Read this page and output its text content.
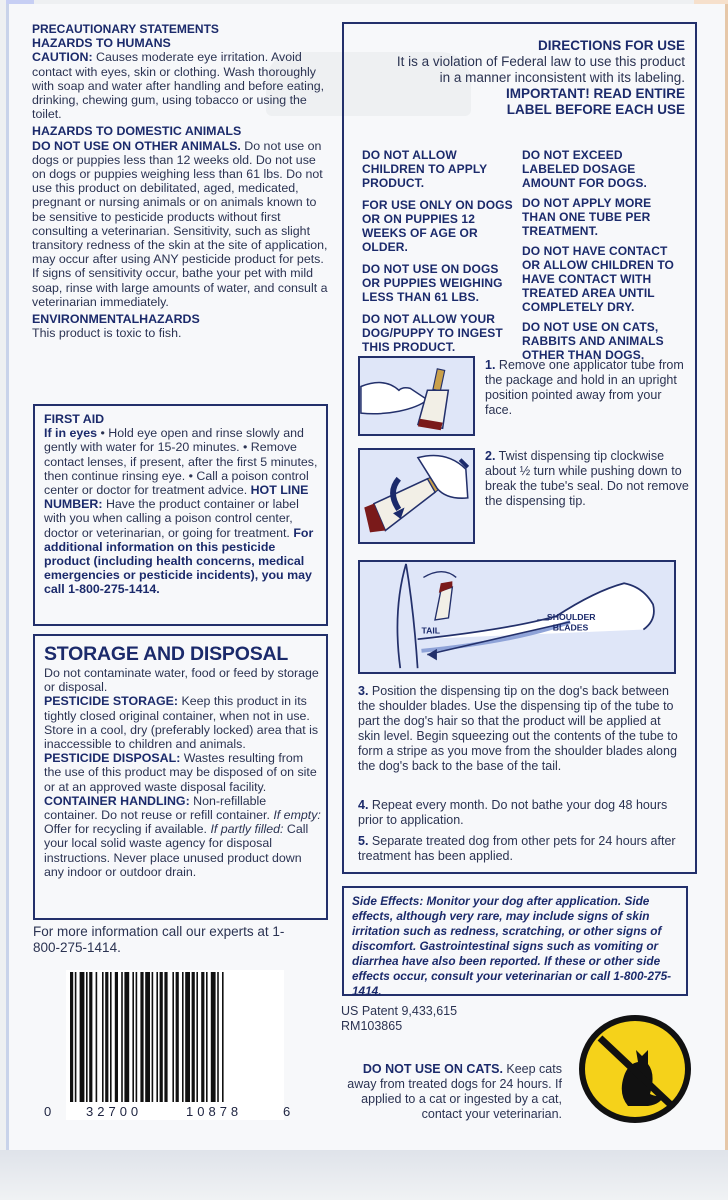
PRECAUTIONARY STATEMENTS
HAZARDS TO HUMANS
CAUTION: Causes moderate eye irritation. Avoid contact with eyes, skin or clothing. Wash thoroughly with soap and water after handling and before eating, drinking, chewing gum, using tobacco or using the toilet.
HAZARDS TO DOMESTIC ANIMALS
DO NOT USE ON OTHER ANIMALS. Do not use on dogs or puppies less than 12 weeks old. Do not use on dogs or puppies weighing less than 61 lbs. Do not use this product on debilitated, aged, medicated, pregnant or nursing animals or on animals known to be sensitive to pesticide products without first consulting a veterinarian. Sensitivity, such as slight transitory redness of the skin at the site of application, may occur after using ANY pesticide product for pets. If signs of sensitivity occur, bathe your pet with mild soap, rinse with large amounts of water, and consult a veterinarian immediately.
ENVIRONMENTALHAZARDS
This product is toxic to fish.
FIRST AID
If in eyes • Hold eye open and rinse slowly and gently with water for 15-20 minutes. • Remove contact lenses, if present, after the first 5 minutes, then continue rinsing eye. • Call a poison control center or doctor for treatment advice. HOT LINE NUMBER: Have the product container or label with you when calling a poison control center, doctor or veterinarian, or going for treatment. For additional information on this pesticide product (including health concerns, medical emergencies or pesticide incidents), you may call 1-800-275-1414.
STORAGE AND DISPOSAL
Do not contaminate water, food or feed by storage or disposal.
PESTICIDE STORAGE: Keep this product in its tightly closed original container, when not in use. Store in a cool, dry (preferably locked) area that is inaccessible to children and animals.
PESTICIDE DISPOSAL: Wastes resulting from the use of this product may be disposed of on site or at an approved waste disposal facility.
CONTAINER HANDLING: Non-refillable container. Do not reuse or refill container. If empty: Offer for recycling if available. If partly filled: Call your local solid waste agency for disposal instructions. Never place unused product down any indoor or outdoor drain.
For more information call our experts at 1-800-275-1414.
0	32700	10878	6
DIRECTIONS FOR USE
It is a violation of Federal law to use this product in a manner inconsistent with its labeling.
IMPORTANT! READ ENTIRE LABEL BEFORE EACH USE
DO NOT ALLOW CHILDREN TO APPLY PRODUCT.
FOR USE ONLY ON DOGS OR ON PUPPIES 12 WEEKS OF AGE OR OLDER.
DO NOT USE ON DOGS OR PUPPIES WEIGHING LESS THAN 61 LBS.
DO NOT ALLOW YOUR DOG/PUPPY TO INGEST THIS PRODUCT.
DO NOT EXCEED LABELED DOSAGE AMOUNT FOR DOGS.
DO NOT APPLY MORE THAN ONE TUBE PER TREATMENT.
DO NOT HAVE CONTACT OR ALLOW CHILDREN TO HAVE CONTACT WITH TREATED AREA UNTIL COMPLETELY DRY.
DO NOT USE ON CATS, RABBITS AND ANIMALS OTHER THAN DOGS.
1. Remove one applicator tube from the package and hold in an upright position pointed away from your face.
2. Twist dispensing tip clockwise about ½ turn while pushing down to break the tube's seal. Do not remove the dispensing tip.
TAIL
SHOULDER
BLADES
3. Position the dispensing tip on the dog's back between the shoulder blades. Use the dispensing tip of the tube to part the dog's hair so that the product will be applied at skin level. Begin squeezing out the contents of the tube to form a stripe as you move from the shoulder blades along the dog's back to the base of the tail.
4. Repeat every month. Do not bathe your dog 48 hours prior to application.
5. Separate treated dog from other pets for 24 hours after treatment has been applied.
Side Effects: Monitor your dog after application. Side effects, although very rare, may include signs of skin irritation such as redness, scratching, or other signs of discomfort. Gastrointestinal signs such as vomiting or diarrhea have also been reported. If these or other side effects occur, consult your veterinarian or call 1-800-275-1414.
US Patent 9,433,615
RM103865
DO NOT USE ON CATS. Keep cats away from treated dogs for 24 hours. If applied to a cat or ingested by a cat, contact your veterinarian.
